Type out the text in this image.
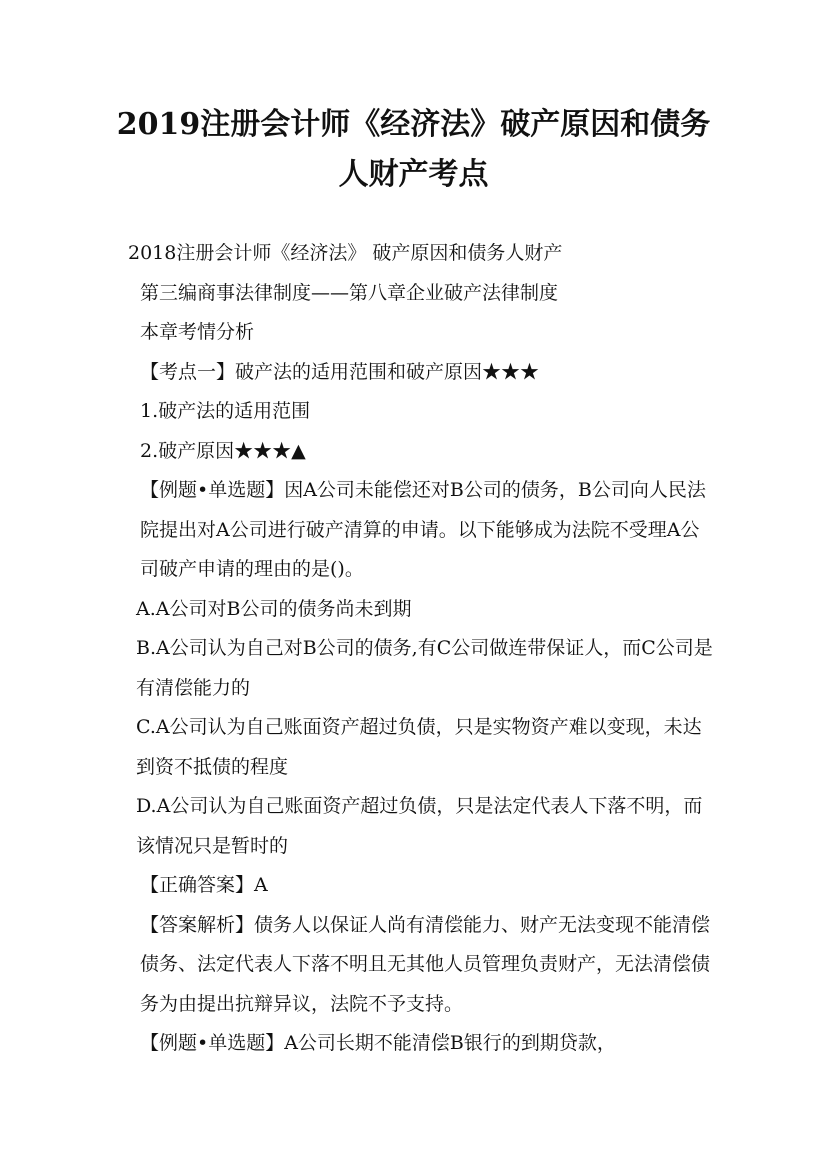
2019注册会计师《经济法》破产原因和债务
人财产考点

2018注册会计师《经济法》 破产原因和债务人财产

第三编商事法律制度——第八章企业破产法律制度

本章考情分析

【考点一】破产法的适用范围和破产原因★★★

1.破产法的适用范围

2.破产原因★★★▲

【例题•单选题】因A公司未能偿还对B公司的债务，B公司向人民法院提出对A公司进行破产清算的申请。以下能够成为法院不受理A公司破产申请的理由的是()。

A.A公司对B公司的债务尚未到期

B.A公司认为自己对B公司的债务,有C公司做连带保证人，而C公司是有清偿能力的

C.A公司认为自己账面资产超过负债，只是实物资产难以变现，未达到资不抵债的程度

D.A公司认为自己账面资产超过负债，只是法定代表人下落不明，而该情况只是暂时的

【正确答案】A

【答案解析】债务人以保证人尚有清偿能力、财产无法变现不能清偿债务、法定代表人下落不明且无其他人员管理负责财产，无法清偿债务为由提出抗辩异议，法院不予支持。

【例题•单选题】A公司长期不能清偿B银行的到期贷款，
